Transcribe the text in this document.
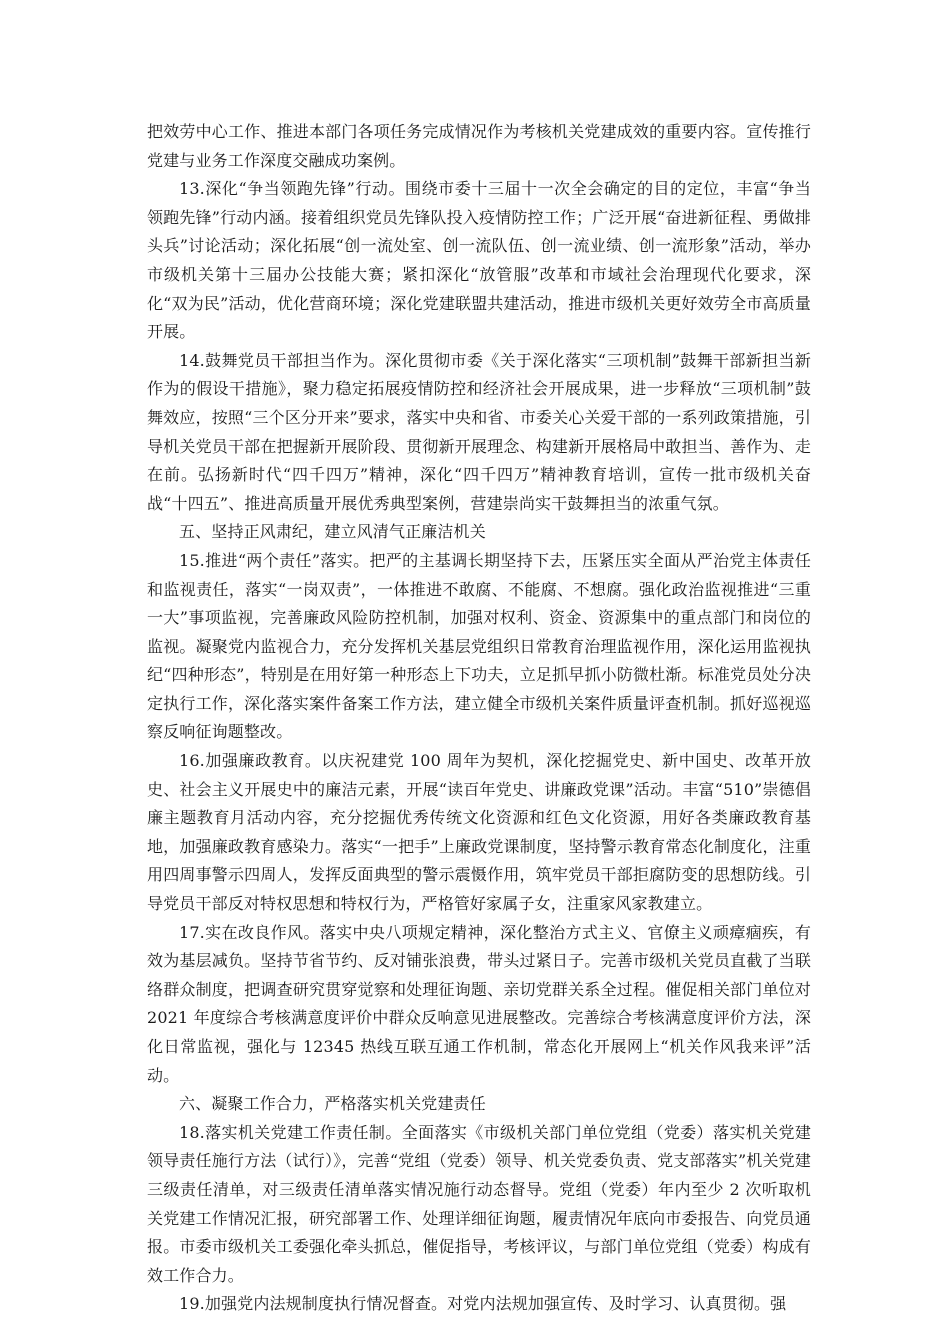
把效劳中心工作、推进本部门各项任务完成情况作为考核机关党建成效的重要内容。宣传推行党建与业务工作深度交融成功案例。

13.深化“争当领跑先锋”行动。围绕市委十三届十一次全会确定的目的定位，丰富“争当领跑先锋”行动内涵。接着组织党员先锋队投入疫情防控工作；广泛开展“奋进新征程、勇做排头兵”讨论活动；深化拓展“创一流处室、创一流队伍、创一流业绩、创一流形象”活动，举办市级机关第十三届办公技能大赛；紧扣深化“放管服”改革和市域社会治理现代化要求，深化“双为民”活动，优化营商环境；深化党建联盟共建活动，推进市级机关更好效劳全市高质量开展。

14.鼓舞党员干部担当作为。深化贯彻市委《关于深化落实“三项机制”鼓舞干部新担当新作为的假设干措施》，聚力稳定拓展疫情防控和经济社会开展成果，进一步释放“三项机制”鼓舞效应，按照“三个区分开来”要求，落实中央和省、市委关心关爱干部的一系列政策措施，引导机关党员干部在把握新开展阶段、贯彻新开展理念、构建新开展格局中敢担当、善作为、走在前。弘扬新时代“四千四万”精神，深化“四千四万”精神教育培训，宣传一批市级机关奋战“十四五”、推进高质量开展优秀典型案例，营建崇尚实干鼓舞担当的浓重气氛。

五、坚持正风肃纪，建立风清气正廉洁机关

15.推进“两个责任”落实。把严的主基调长期坚持下去，压紧压实全面从严治党主体责任和监视责任，落实“一岗双责”，一体推进不敢腐、不能腐、不想腐。强化政治监视推进“三重一大”事项监视，完善廉政风险防控机制，加强对权利、资金、资源集中的重点部门和岗位的监视。凝聚党内监视合力，充分发挥机关基层党组织日常教育治理监视作用，深化运用监视执纪“四种形态”，特别是在用好第一种形态上下功夫，立足抓早抓小防微杜渐。标准党员处分决定执行工作，深化落实案件备案工作方法，建立健全市级机关案件质量评查机制。抓好巡视巡察反响征询题整改。

16.加强廉政教育。以庆祝建党 100 周年为契机，深化挖掘党史、新中国史、改革开放史、社会主义开展史中的廉洁元素，开展“读百年党史、讲廉政党课”活动。丰富“510”崇德倡廉主题教育月活动内容，充分挖掘优秀传统文化资源和红色文化资源，用好各类廉政教育基地，加强廉政教育感染力。落实“一把手”上廉政党课制度，坚持警示教育常态化制度化，注重用四周事警示四周人，发挥反面典型的警示震慑作用，筑牢党员干部拒腐防变的思想防线。引导党员干部反对特权思想和特权行为，严格管好家属子女，注重家风家教建立。

17.实在改良作风。落实中央八项规定精神，深化整治方式主义、官僚主义顽瘴痼疾，有效为基层减负。坚持节省节约、反对铺张浪费，带头过紧日子。完善市级机关党员直截了当联络群众制度，把调查研究贯穿觉察和处理征询题、亲切党群关系全过程。催促相关部门单位对 2021 年度综合考核满意度评价中群众反响意见进展整改。完善综合考核满意度评价方法，深化日常监视，强化与 12345 热线互联互通工作机制，常态化开展网上“机关作风我来评”活动。

六、凝聚工作合力，严格落实机关党建责任

18.落实机关党建工作责任制。全面落实《市级机关部门单位党组（党委）落实机关党建领导责任施行方法（试行）》，完善“党组（党委）领导、机关党委负责、党支部落实”机关党建三级责任清单，对三级责任清单落实情况施行动态督导。党组（党委）年内至少 2 次听取机关党建工作情况汇报，研究部署工作、处理详细征询题，履责情况年底向市委报告、向党员通报。市委市级机关工委强化牵头抓总，催促指导，考核评议，与部门单位党组（党委）构成有效工作合力。

19.加强党内法规制度执行情况督查。对党内法规加强宣传、及时学习、认真贯彻。强
